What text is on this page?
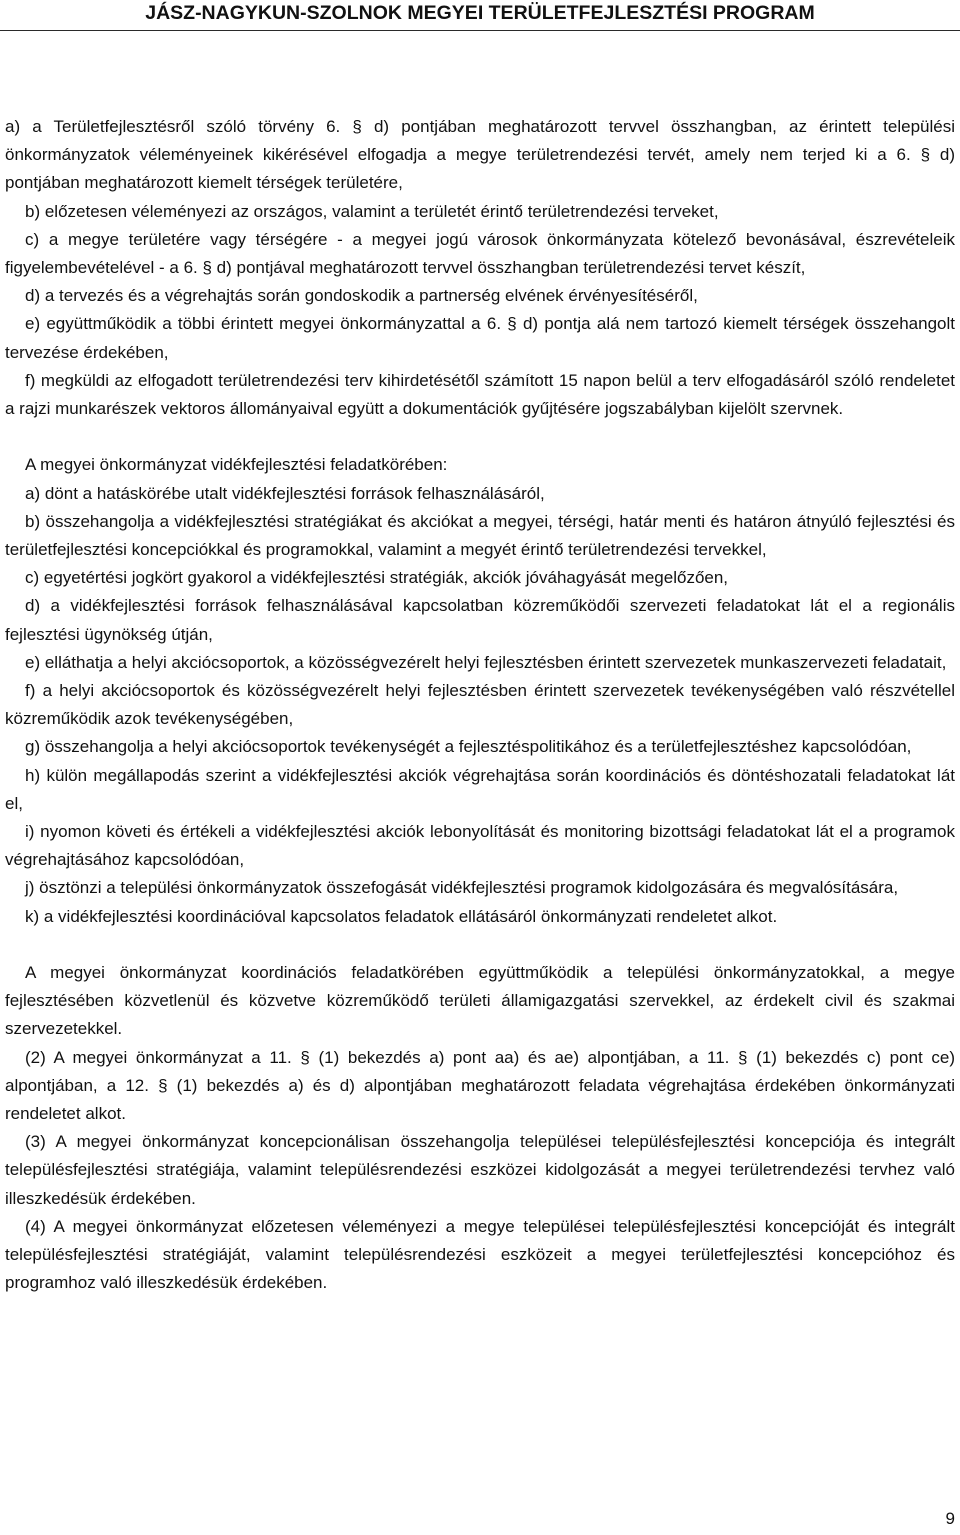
JÁSZ-NAGYKUN-SZOLNOK MEGYEI TERÜLETFEJLESZTÉSI PROGRAM

a) a Területfejlesztésről szóló törvény 6. § d) pontjában meghatározott tervvel összhangban, az érintett települési önkormányzatok véleményeinek kikérésével elfogadja a megye területrendezési tervét, amely nem terjed ki a 6. § d) pontjában meghatározott kiemelt térségek területére,

b) előzetesen véleményezi az országos, valamint a területét érintő területrendezési terveket,

c) a megye területére vagy térségére - a megyei jogú városok önkormányzata kötelező bevonásával, észrevételeik figyelembevételével - a 6. § d) pontjával meghatározott tervvel összhangban területrendezési tervet készít,

d) a tervezés és a végrehajtás során gondoskodik a partnerség elvének érvényesítéséről,

e) együttműködik a többi érintett megyei önkormányzattal a 6. § d) pontja alá nem tartozó kiemelt térségek összehangolt tervezése érdekében,

f) megküldi az elfogadott területrendezési terv kihirdetésétől számított 15 napon belül a terv elfogadásáról szóló rendeletet a rajzi munkarészek vektoros állományaival együtt a dokumentációk gyűjtésére jogszabályban kijelölt szervnek.

A megyei önkormányzat vidékfejlesztési feladatkörében:

a) dönt a hatáskörébe utalt vidékfejlesztési források felhasználásáról,

b) összehangolja a vidékfejlesztési stratégiákat és akciókat a megyei, térségi, határ menti és határon átnyúló fejlesztési és területfejlesztési koncepciókkal és programokkal, valamint a megyét érintő területrendezési tervekkel,

c) egyetértési jogkört gyakorol a vidékfejlesztési stratégiák, akciók jóváhagyását megelőzően,

d) a vidékfejlesztési források felhasználásával kapcsolatban közreműködői szervezeti feladatokat lát el a regionális fejlesztési ügynökség útján,

e) elláthatja a helyi akciócsoportok, a közösségvezérelt helyi fejlesztésben érintett szervezetek munkaszervezeti feladatait,

f) a helyi akciócsoportok és közösségvezérelt helyi fejlesztésben érintett szervezetek tevékenységében való részvétellel közreműködik azok tevékenységében,

g) összehangolja a helyi akciócsoportok tevékenységét a fejlesztéspolitikához és a területfejlesztéshez kapcsolódóan,

h) külön megállapodás szerint a vidékfejlesztési akciók végrehajtása során koordinációs és döntéshozatali feladatokat lát el,

i) nyomon követi és értékeli a vidékfejlesztési akciók lebonyolítását és monitoring bizottsági feladatokat lát el a programok végrehajtásához kapcsolódóan,

j) ösztönzi a települési önkormányzatok összefogását vidékfejlesztési programok kidolgozására és megvalósítására,

k) a vidékfejlesztési koordinációval kapcsolatos feladatok ellátásáról önkormányzati rendeletet alkot.

A megyei önkormányzat koordinációs feladatkörében együttműködik a települési önkormányzatokkal, a megye fejlesztésében közvetlenül és közvetve közreműködő területi államigazgatási szervekkel, az érdekelt civil és szakmai szervezetekkel.

(2) A megyei önkormányzat a 11. § (1) bekezdés a) pont aa) és ae) alpontjában, a 11. § (1) bekezdés c) pont ce) alpontjában, a 12. § (1) bekezdés a) és d) alpontjában meghatározott feladata végrehajtása érdekében önkormányzati rendeletet alkot.

(3) A megyei önkormányzat koncepcionálisan összehangolja települései településfejlesztési koncepciója és integrált településfejlesztési stratégiája, valamint településrendezési eszközei kidolgozását a megyei területrendezési tervhez való illeszkedésük érdekében.

(4) A megyei önkormányzat előzetesen véleményezi a megye települései településfejlesztési koncepcióját és integrált településfejlesztési stratégiáját, valamint településrendezési eszközeit a megyei területfejlesztési koncepcióhoz és programhoz való illeszkedésük érdekében.

9
